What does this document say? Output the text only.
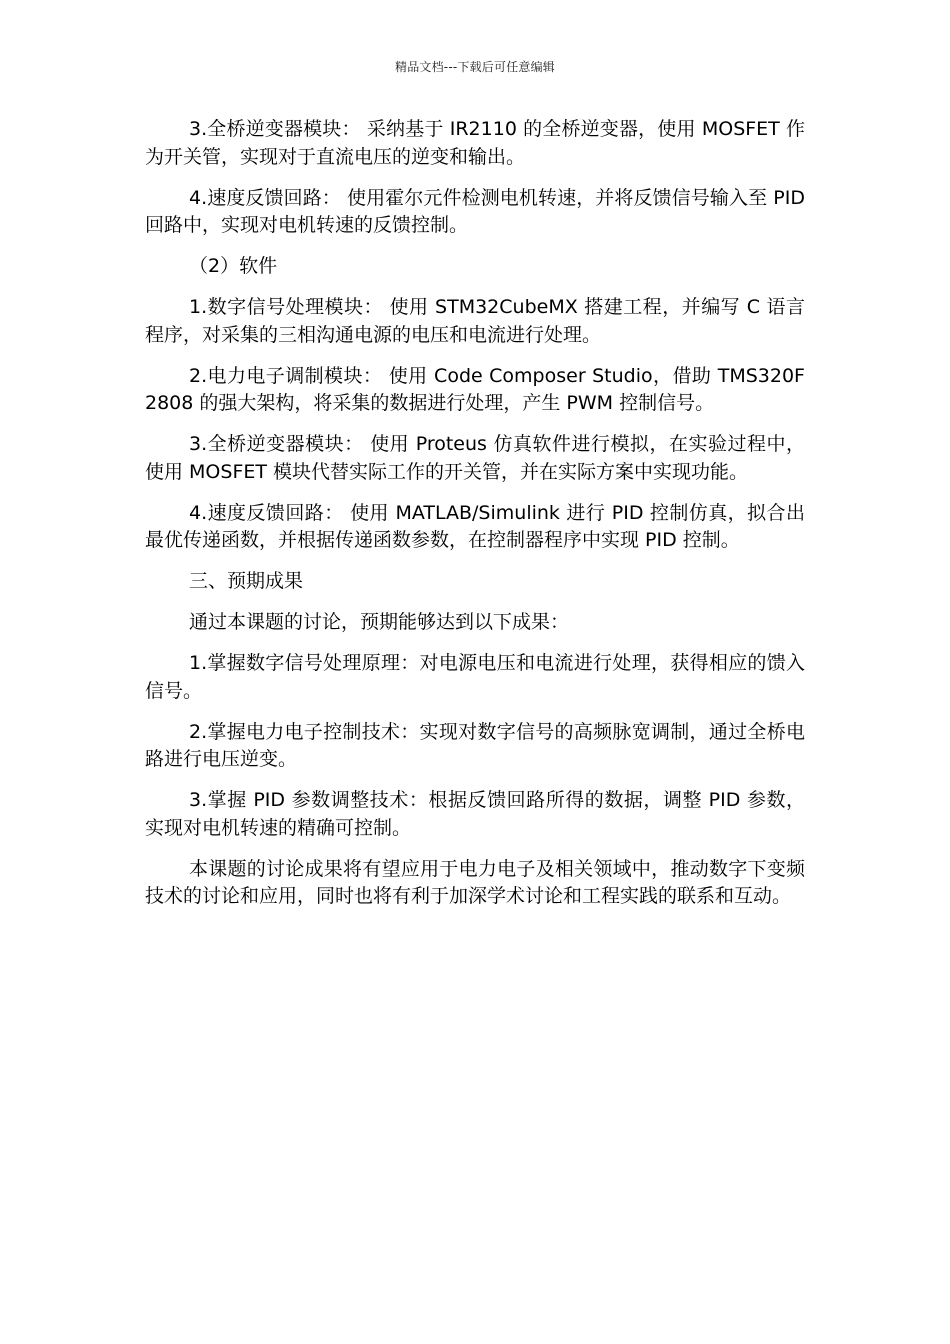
精品文档---下载后可任意编辑

3.全桥逆变器模块： 采纳基于 IR2110 的全桥逆变器，使用 MOSFET 作为开关管，实现对于直流电压的逆变和输出。

4.速度反馈回路： 使用霍尔元件检测电机转速，并将反馈信号输入至 PID 回路中，实现对电机转速的反馈控制。

（2）软件

1.数字信号处理模块： 使用 STM32CubeMX 搭建工程，并编写 C 语言程序，对采集的三相沟通电源的电压和电流进行处理。

2.电力电子调制模块： 使用 Code Composer Studio，借助 TMS320F2808 的强大架构，将采集的数据进行处理，产生 PWM 控制信号。

3.全桥逆变器模块： 使用 Proteus 仿真软件进行模拟，在实验过程中，使用 MOSFET 模块代替实际工作的开关管，并在实际方案中实现功能。

4.速度反馈回路： 使用 MATLAB/Simulink 进行 PID 控制仿真，拟合出最优传递函数，并根据传递函数参数，在控制器程序中实现 PID 控制。

三、预期成果

通过本课题的讨论，预期能够达到以下成果：

1.掌握数字信号处理原理：对电源电压和电流进行处理，获得相应的馈入信号。

2.掌握电力电子控制技术：实现对数字信号的高频脉宽调制，通过全桥电路进行电压逆变。

3.掌握 PID 参数调整技术：根据反馈回路所得的数据，调整 PID 参数，实现对电机转速的精确可控制。

本课题的讨论成果将有望应用于电力电子及相关领域中，推动数字下变频技术的讨论和应用，同时也将有利于加深学术讨论和工程实践的联系和互动。
